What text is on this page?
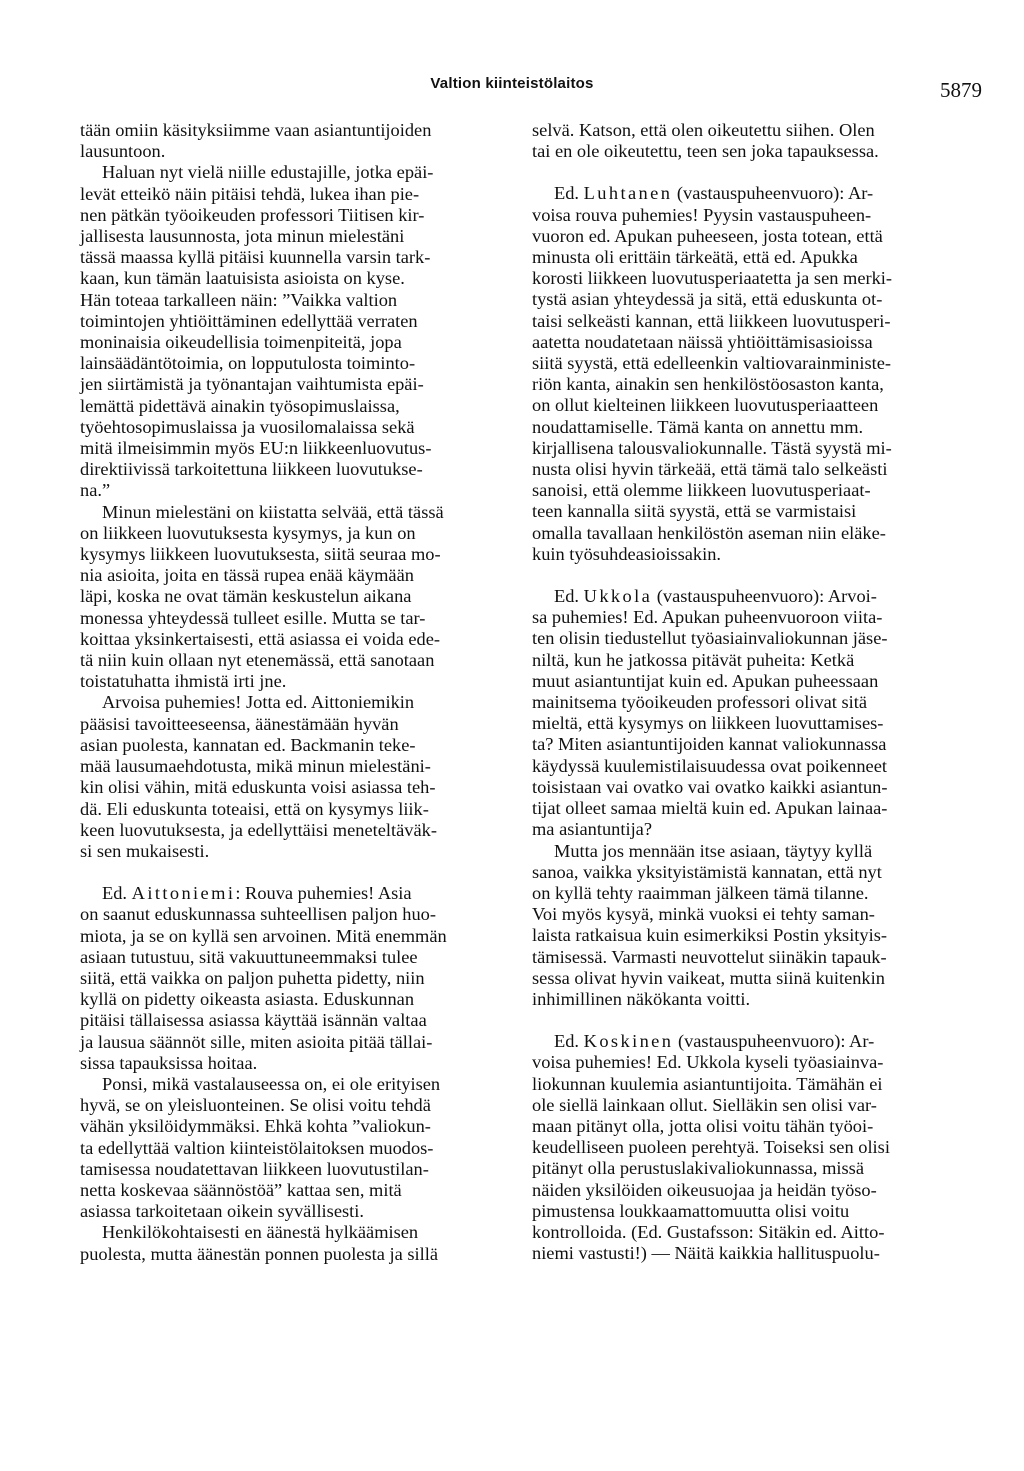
Valtion kiinteistölaitos	5879
tään omiin käsityksiimme vaan asiantuntijoiden
lausuntoon.
Haluan nyt vielä niille edustajille, jotka epäi-
levät etteikö näin pitäisi tehdä, lukea ihan pie-
nen pätkän työoikeuden professori Tiitisen kir-
jallisesta lausunnosta, jota minun mielestäni
tässä maassa kyllä pitäisi kuunnella varsin tark-
kaan, kun tämän laatuisista asioista on kyse.
Hän toteaa tarkalleen näin: ”Vaikka valtion
toimintojen yhtiöittäminen edellyttää verraten
moninaisia oikeudellisia toimenpiteitä, jopa
lainsäädäntötoimia, on lopputulosta toiminto-
jen siirtämistä ja työnantajan vaihtumista epäi-
lemättä pidettävä ainakin työsopimuslaissa,
työehtosopimuslaissa ja vuosilomalaissa sekä
mitä ilmeisimmin myös EU:n liikkeenluovutus-
direktiivissä tarkoitettuna liikkeen luovutukse-
na.”
Minun mielestäni on kiistatta selvää, että tässä
on liikkeen luovutuksesta kysymys, ja kun on
kysymys liikkeen luovutuksesta, siitä seuraa mo-
nia asioita, joita en tässä rupea enää käymään
läpi, koska ne ovat tämän keskustelun aikana
monessa yhteydessä tulleet esille. Mutta se tar-
koittaa yksinkertaisesti, että asiassa ei voida ede-
tä niin kuin ollaan nyt etenemässä, että sanotaan
toistatuhatta ihmistä irti jne.
Arvoisa puhemies! Jotta ed. Aittoniemikin
pääsisi tavoitteeseensa, äänestämään hyvän
asian puolesta, kannatan ed. Backmanin teke-
mää lausumaehdotusta, mikä minun mielestäni-
kin olisi vähin, mitä eduskunta voisi asiassa teh-
dä. Eli eduskunta toteaisi, että on kysymys liik-
keen luovutuksesta, ja edellyttäisi meneteltäväk-
si sen mukaisesti.
Ed. Aittoniemi: Rouva puhemies! Asia
on saanut eduskunnassa suhteellisen paljon huo-
miota, ja se on kyllä sen arvoinen. Mitä enemmän
asiaan tutustuu, sitä vakuuttuneemmaksi tulee
siitä, että vaikka on paljon puhetta pidetty, niin
kyllä on pidetty oikeasta asiasta. Eduskunnan
pitäisi tällaisessa asiassa käyttää isännän valtaa
ja lausua säännöt sille, miten asioita pitää tällai-
sissa tapauksissa hoitaa.
Ponsi, mikä vastalauseessa on, ei ole erityisen
hyvä, se on yleisluonteinen. Se olisi voitu tehdä
vähän yksilöidymmäksi. Ehkä kohta ”valiokun-
ta edellyttää valtion kiinteistölaitoksen muodos-
tamisessa noudatettavan liikkeen luovutustilan-
netta koskevaa säännöstöä” kattaa sen, mitä
asiassa tarkoitetaan oikein syvällisesti.
Henkilökohtaisesti en äänestä hylkäämisen
puolesta, mutta äänestän ponnen puolesta ja sillä
selvä. Katson, että olen oikeutettu siihen. Olen
tai en ole oikeutettu, teen sen joka tapauksessa.
Ed. Luhtanen (vastauspuheenvuoro): Ar-
voisa rouva puhemies! Pyysin vastauspuheen-
vuoron ed. Apukan puheeseen, josta totean, että
minusta oli erittäin tärkeätä, että ed. Apukka
korosti liikkeen luovutusperiaatetta ja sen merki-
tystä asian yhteydessä ja sitä, että eduskunta ot-
taisi selkeästi kannan, että liikkeen luovutusperi-
aatetta noudatetaan näissä yhtiöittämisasioissa
siitä syystä, että edelleenkin valtiovarainministe-
riön kanta, ainakin sen henkilöstöosaston kanta,
on ollut kielteinen liikkeen luovutusperiaatteen
noudattamiselle. Tämä kanta on annettu mm.
kirjallisena talousvaliokunnalle. Tästä syystä mi-
nusta olisi hyvin tärkeää, että tämä talo selkeästi
sanoisi, että olemme liikkeen luovutusperiaat-
teen kannalla siitä syystä, että se varmistaisi
omalla tavallaan henkilöstön aseman niin eläke-
kuin työsuhdeasioissakin.
Ed. Ukkola (vastauspuheenvuoro): Arvoi-
sa puhemies! Ed. Apukan puheenvuoroon viita-
ten olisin tiedustellut työasiainvaliokunnan jäse-
niltä, kun he jatkossa pitävät puheita: Ketkä
muut asiantuntijat kuin ed. Apukan puheessaan
mainitsema työoikeuden professori olivat sitä
mieltä, että kysymys on liikkeen luovuttamises-
ta? Miten asiantuntijoiden kannat valiokunnassa
käydyssä kuulemistilaisuudessa ovat poikenneet
toisistaan vai ovatko vai ovatko kaikki asiantun-
tijat olleet samaa mieltä kuin ed. Apukan lainaa-
ma asiantuntija?
Mutta jos mennään itse asiaan, täytyy kyllä
sanoa, vaikka yksityistämistä kannatan, että nyt
on kyllä tehty raaimman jälkeen tämä tilanne.
Voi myös kysyä, minkä vuoksi ei tehty saman-
laista ratkaisua kuin esimerkiksi Postin yksityis-
tämisessä. Varmasti neuvottelut siinäkin tapauk-
sessa olivat hyvin vaikeat, mutta siinä kuitenkin
inhimillinen näkökanta voitti.
Ed. Koskinen (vastauspuheenvuoro): Ar-
voisa puhemies! Ed. Ukkola kyseli työasiainva-
liokunnan kuulemia asiantuntijoita. Tämähän ei
ole siellä lainkaan ollut. Sielläkin sen olisi var-
maan pitänyt olla, jotta olisi voitu tähän työoi-
keudelliseen puoleen perehtyä. Toiseksi sen olisi
pitänyt olla perustuslakivaliokunnassa, missä
näiden yksilöiden oikeusuojaa ja heidän työso-
pimustensa loukkaamattomuutta olisi voitu
kontrolloida. (Ed. Gustafsson: Sitäkin ed. Aitto-
niemi vastusti!) — Näitä kaikkia hallituspuolu-
